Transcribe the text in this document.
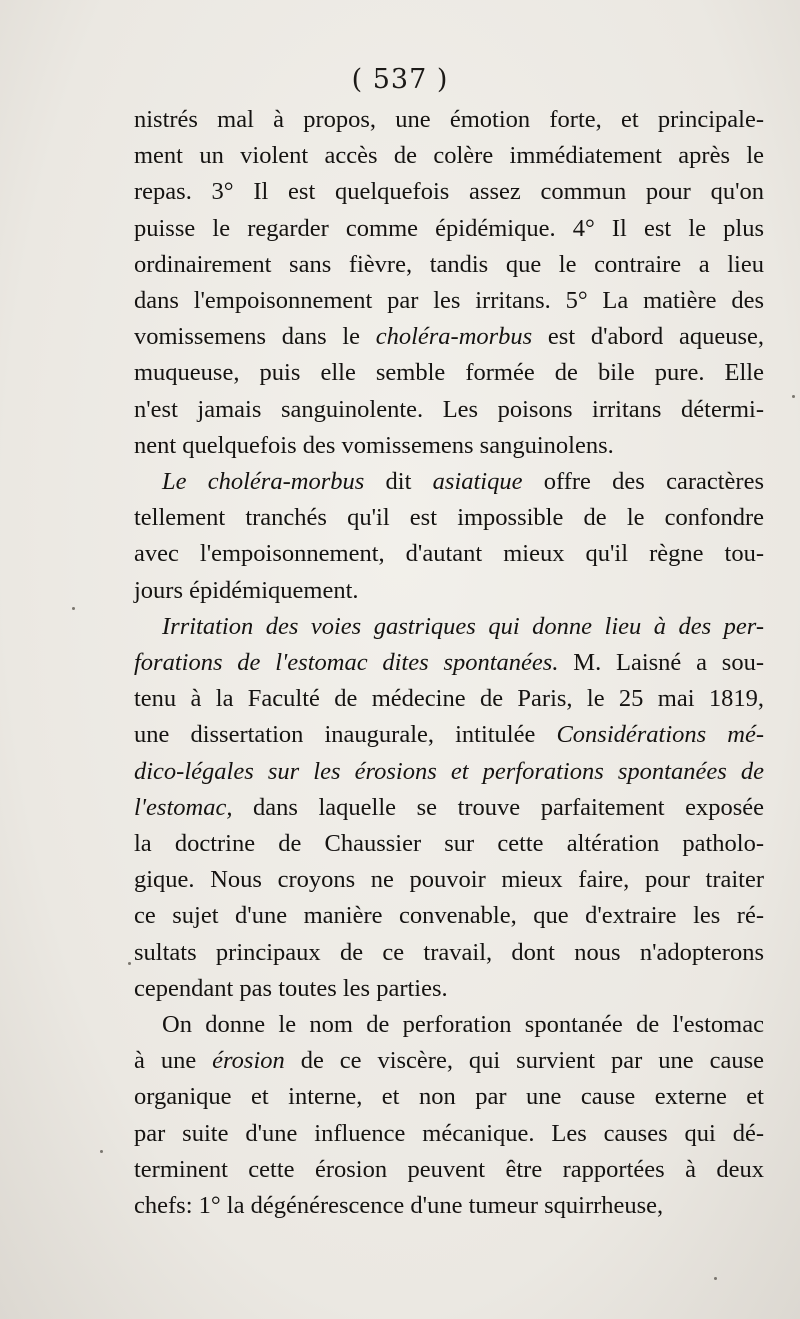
( 537 )
nistrés mal à propos, une émotion forte, et principale-
ment un violent accès de colère immédiatement après le
repas. 3° Il est quelquefois assez commun pour qu'on
puisse le regarder comme épidémique. 4° Il est le plus
ordinairement sans fièvre, tandis que le contraire a lieu
dans l'empoisonnement par les irritans. 5° La matière des
vomissemens dans le choléra-morbus est d'abord aqueuse,
muqueuse, puis elle semble formée de bile pure. Elle
n'est jamais sanguinolente. Les poisons irritans détermi-
nent quelquefois des vomissemens sanguinolens.
Le choléra-morbus dit asiatique offre des caractères
tellement tranchés qu'il est impossible de le confondre
avec l'empoisonnement, d'autant mieux qu'il règne tou-
jours épidémiquement.
Irritation des voies gastriques qui donne lieu à des per-
forations de l'estomac dites spontanées. M. Laisné a sou-
tenu à la Faculté de médecine de Paris, le 25 mai 1819,
une dissertation inaugurale, intitulée Considérations mé-
dico-légales sur les érosions et perforations spontanées de
l'estomac, dans laquelle se trouve parfaitement exposée
la doctrine de Chaussier sur cette altération patholo-
gique. Nous croyons ne pouvoir mieux faire, pour traiter
ce sujet d'une manière convenable, que d'extraire les ré-
sultats principaux de ce travail, dont nous n'adopterons
cependant pas toutes les parties.
On donne le nom de perforation spontanée de l'estomac
à une érosion de ce viscère, qui survient par une cause
organique et interne, et non par une cause externe et
par suite d'une influence mécanique. Les causes qui dé-
terminent cette érosion peuvent être rapportées à deux
chefs: 1° la dégénérescence d'une tumeur squirrheuse,
